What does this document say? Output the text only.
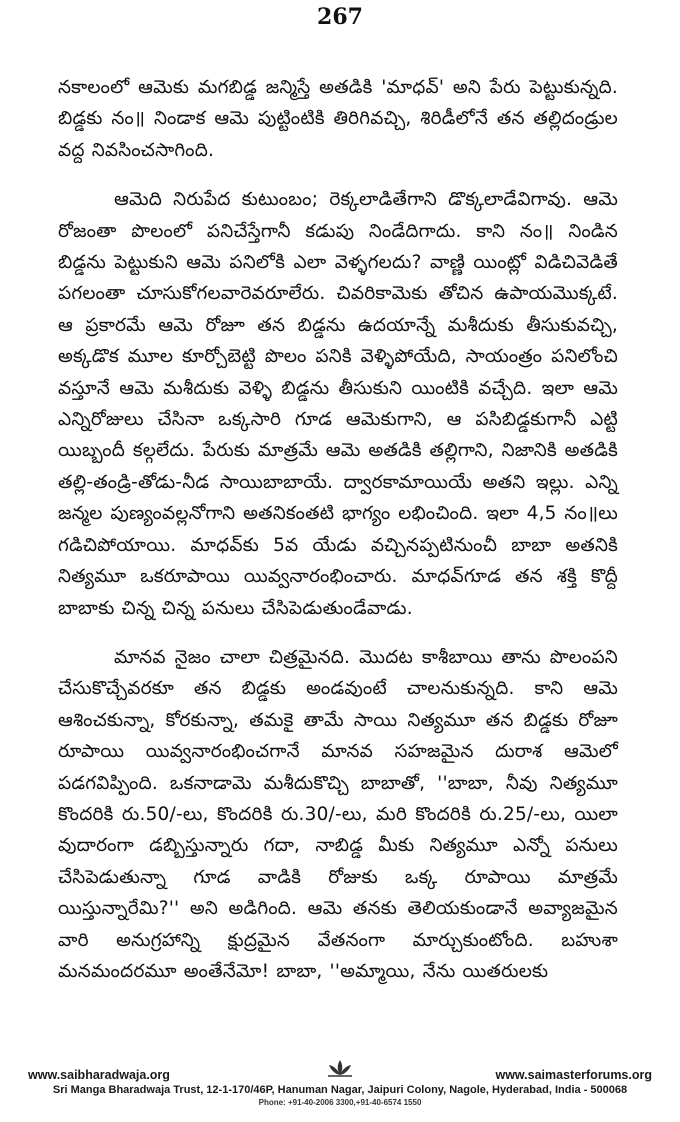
267

నకాలంలో ఆమెకు మగబిడ్డ జన్మిస్తే అతడికి 'మాధవ్' అని పేరు పెట్టుకున్నది. బిడ్డకు నం॥ నిండాక ఆమె పుట్టింటికి తిరిగివచ్చి, శిరిడీలోనే తన తల్లిదండ్రుల వద్ద నివసించసాగింది.

ఆమెది నిరుపేద కుటుంబం; రెక్కలాడితేగాని డొక్కలాడేవిగావు. ఆమె రోజంతా పొలంలో పనిచేస్తేగానీ కడుపు నిండేదిగాదు. కాని నం॥ నిండిన బిడ్డను పెట్టుకుని ఆమె పనిలోకి ఎలా వెళ్ళగలదు? వాణ్ణి యింట్లో విడిచివెడితే పగలంతా చూసుకోగలవారెవరూలేరు. చివరికామెకు తోచిన ఉపాయమొక్కటే. ఆ ప్రకారమే ఆమె రోజూ తన బిడ్డను ఉదయాన్నే మశీదుకు తీసుకువచ్చి, అక్కడొక మూల కూర్చోబెట్టి పొలం పనికి వెళ్ళిపోయేది, సాయంత్రం పనిలోంచి వస్తూనే ఆమె మశీదుకు వెళ్ళి బిడ్డను తీసుకుని యింటికి వచ్చేది. ఇలా ఆమె ఎన్నిరోజులు చేసినా ఒక్కసారి గూడ ఆమెకుగాని, ఆ పసిబిడ్డకుగానీ ఎట్టి యిబ్బందీ కల్గలేదు. పేరుకు మాత్రమే ఆమె అతడికి తల్లిగాని, నిజానికి అతడికి తల్లి-తండ్రి-తోడు-నీడ సాయిబాబాయే. ద్వారకామాయియే అతని ఇల్లు. ఎన్ని జన్మల పుణ్యంవల్లనోగాని అతనికంతటి భాగ్యం లభించింది. ఇలా 4,5 నం॥లు గడిచిపోయాయి. మాధవ్‌కు 5వ యేడు వచ్చినప్పటినుంచీ బాబా అతనికి నిత్యమూ ఒకరూపాయి యివ్వనారంభించారు. మాధవ్‌గూడ తన శక్తి కొద్దీ బాబాకు చిన్న చిన్న పనులు చేసిపెడుతుండేవాడు.

మానవ నైజం చాలా చిత్రమైనది. మొదట కాశీబాయి తాను పొలంపని చేసుకొచ్చేవరకూ తన బిడ్డకు అండవుంటే చాలనుకున్నది. కాని ఆమె ఆశించకున్నా, కోరకున్నా, తమకై తామే సాయి నిత్యమూ తన బిడ్డకు రోజూ రూపాయి యివ్వనారంభించగానే మానవ సహజమైన దురాశ ఆమెలో పడగవిప్పింది. ఒకనాడామె మశీదుకొచ్చి బాబాతో, ''బాబా, నీవు నిత్యమూ కొందరికి రు.50/-లు, కొందరికి రు.30/-లు, మరి కొందరికి రు.25/-లు, యిలా వుదారంగా డబ్బిస్తున్నారు గదా, నాబిడ్డ మీకు నిత్యమూ ఎన్నో పనులు చేసిపెడుతున్నా గూడ వాడికి రోజుకు ఒక్క రూపాయి మాత్రమే యిస్తున్నారేమి?'' అని అడిగింది. ఆమె తనకు తెలియకుండానే అవ్యాజమైన వారి అనుగ్రహాన్ని క్షుద్రమైన వేతనంగా మార్చుకుంటోంది. బహుశా మనమందరమూ అంతేనేమో! బాబా, ''అమ్మాయి, నేను యితరులకు

www.saibharadwaja.org	www.saimasterforums.org
Sri Manga Bharadwaja Trust, 12-1-170/46P, Hanuman Nagar, Jaipuri Colony, Nagole, Hyderabad, India - 500068
Phone: +91-40-2006 3300,+91-40-6574 1550
